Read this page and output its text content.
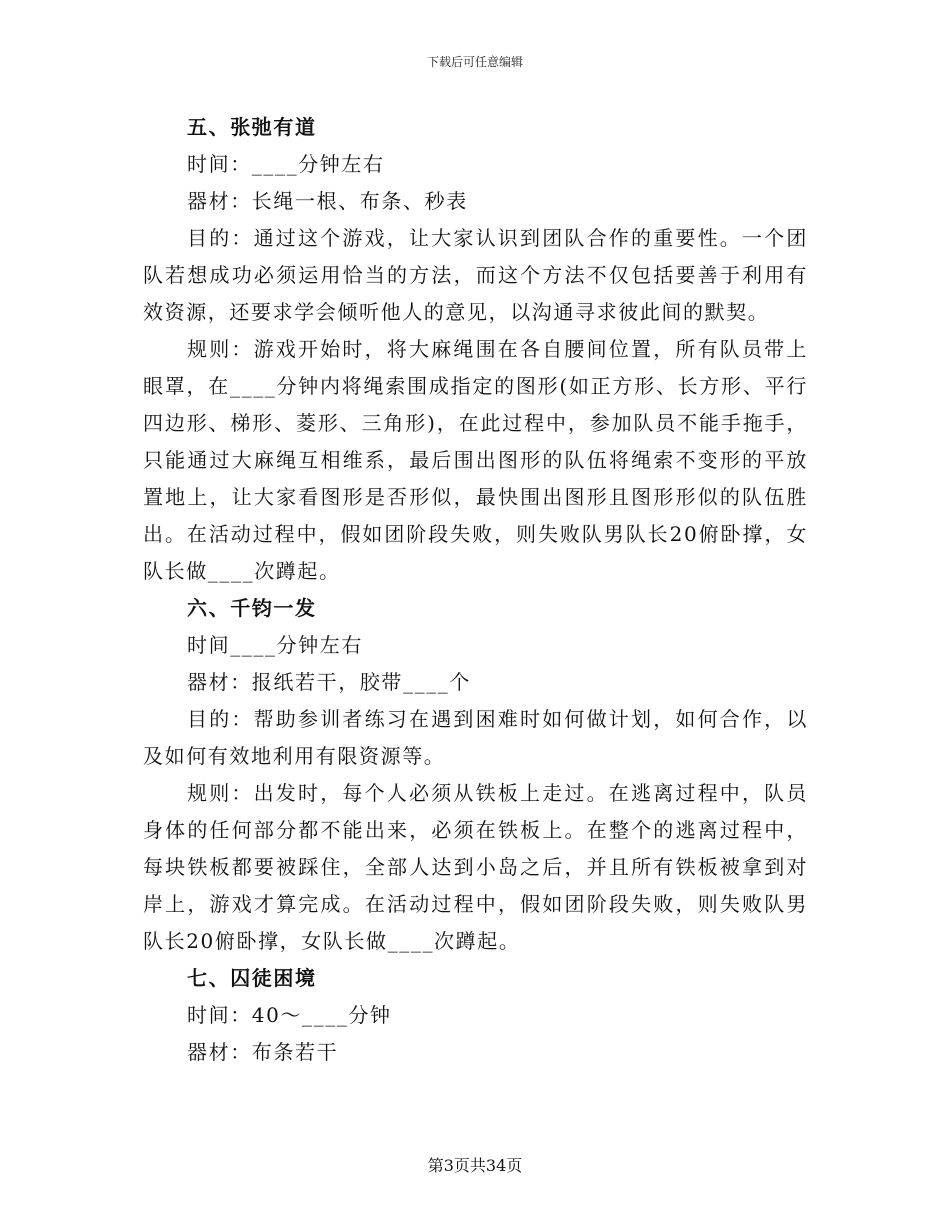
下载后可任意编辑

五、张弛有道

时间：____分钟左右

器材：长绳一根、布条、秒表

目的：通过这个游戏，让大家认识到团队合作的重要性。一个团队若想成功必须运用恰当的方法，而这个方法不仅包括要善于利用有效资源，还要求学会倾听他人的意见，以沟通寻求彼此间的默契。

规则：游戏开始时，将大麻绳围在各自腰间位置，所有队员带上眼罩，在____分钟内将绳索围成指定的图形(如正方形、长方形、平行四边形、梯形、菱形、三角形)，在此过程中，参加队员不能手拖手，只能通过大麻绳互相维系，最后围出图形的队伍将绳索不变形的平放置地上，让大家看图形是否形似，最快围出图形且图形形似的队伍胜出。在活动过程中，假如团阶段失败，则失败队男队长20俯卧撑，女队长做____次蹲起。

六、千钧一发

时间____分钟左右

器材：报纸若干，胶带____个

目的：帮助参训者练习在遇到困难时如何做计划，如何合作，以及如何有效地利用有限资源等。

规则：出发时，每个人必须从铁板上走过。在逃离过程中，队员身体的任何部分都不能出来，必须在铁板上。在整个的逃离过程中，每块铁板都要被踩住，全部人达到小岛之后，并且所有铁板被拿到对岸上，游戏才算完成。在活动过程中，假如团阶段失败，则失败队男队长20俯卧撑，女队长做____次蹲起。

七、囚徒困境

时间：40～____分钟

器材：布条若干

第3页共34页
